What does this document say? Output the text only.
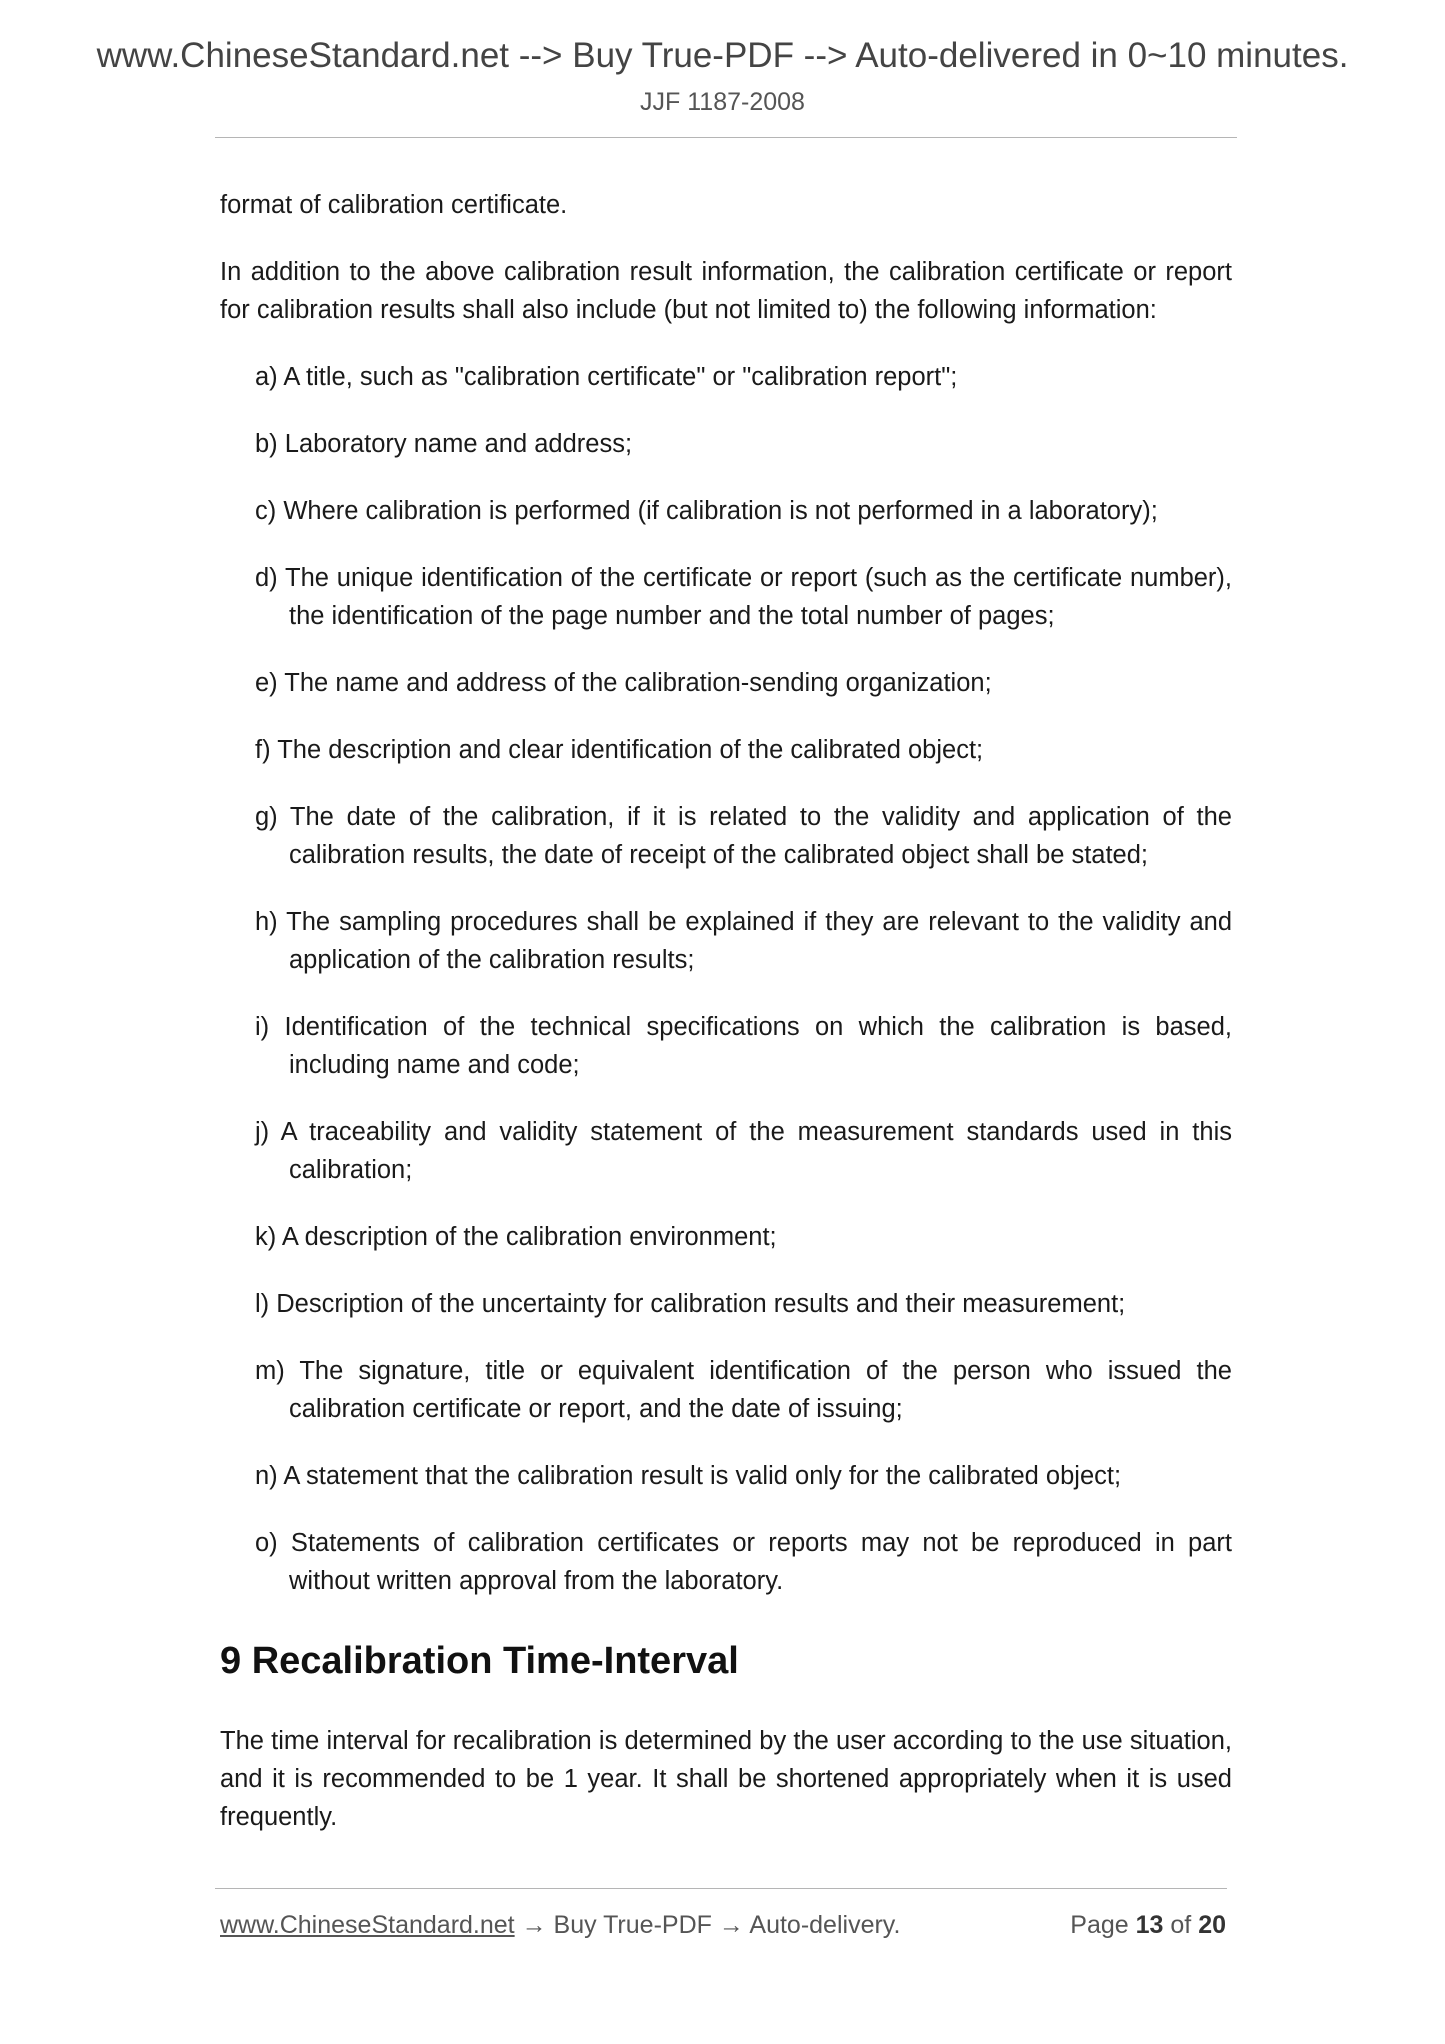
www.ChineseStandard.net --> Buy True-PDF --> Auto-delivered in 0~10 minutes.
JJF 1187-2008

format of calibration certificate.

In addition to the above calibration result information, the calibration certificate or report for calibration results shall also include (but not limited to) the following information:

a) A title, such as "calibration certificate" or "calibration report";
b) Laboratory name and address;
c) Where calibration is performed (if calibration is not performed in a laboratory);
d) The unique identification of the certificate or report (such as the certificate number), the identification of the page number and the total number of pages;
e) The name and address of the calibration-sending organization;
f) The description and clear identification of the calibrated object;
g) The date of the calibration, if it is related to the validity and application of the calibration results, the date of receipt of the calibrated object shall be stated;
h) The sampling procedures shall be explained if they are relevant to the validity and application of the calibration results;
i) Identification of the technical specifications on which the calibration is based, including name and code;
j) A traceability and validity statement of the measurement standards used in this calibration;
k) A description of the calibration environment;
l) Description of the uncertainty for calibration results and their measurement;
m) The signature, title or equivalent identification of the person who issued the calibration certificate or report, and the date of issuing;
n) A statement that the calibration result is valid only for the calibrated object;
o) Statements of calibration certificates or reports may not be reproduced in part without written approval from the laboratory.
9 Recalibration Time-Interval

The time interval for recalibration is determined by the user according to the use situation, and it is recommended to be 1 year. It shall be shortened appropriately when it is used frequently.

www.ChineseStandard.net → Buy True-PDF → Auto-delivery.	Page 13 of 20
